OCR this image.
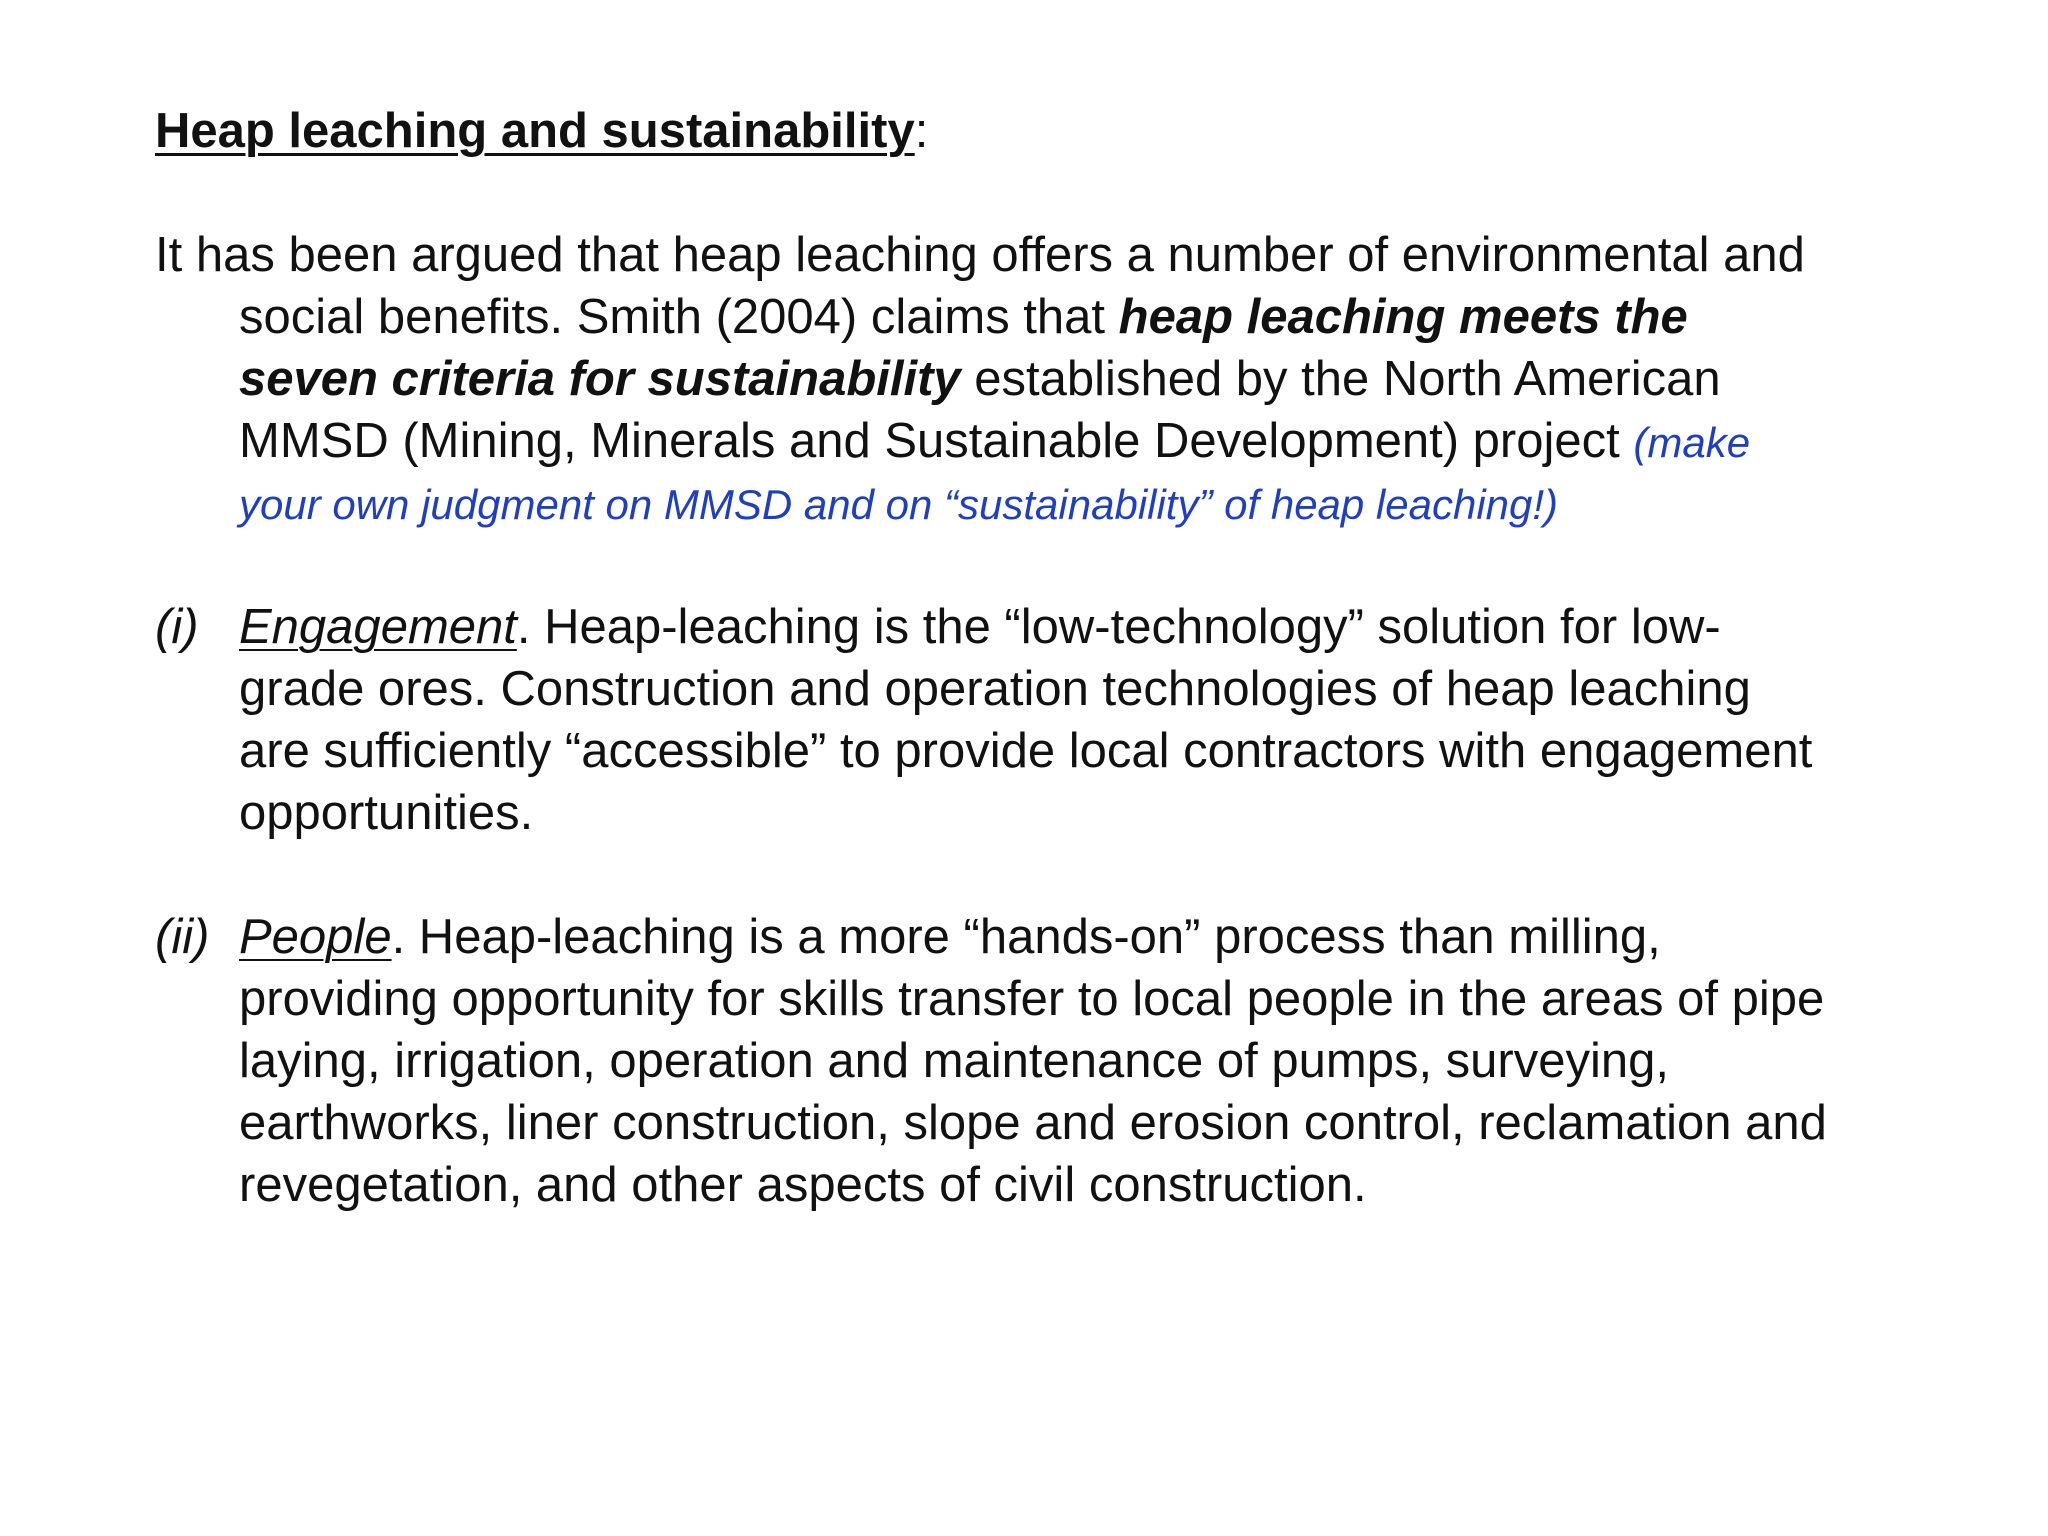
Heap leaching and sustainability:

It has been argued that heap leaching offers a number of environmental and social benefits. Smith (2004) claims that heap leaching meets the seven criteria for sustainability established by the North American MMSD (Mining, Minerals and Sustainable Development) project (make your own judgment on MMSD and on “sustainability” of heap leaching!)

(i) Engagement. Heap-leaching is the “low-technology” solution for low-grade ores. Construction and operation technologies of heap leaching are sufficiently “accessible” to provide local contractors with engagement opportunities.

(ii) People. Heap-leaching is a more “hands-on” process than milling, providing opportunity for skills transfer to local people in the areas of pipe laying, irrigation, operation and maintenance of pumps, surveying, earthworks, liner construction, slope and erosion control, reclamation and revegetation, and other aspects of civil construction.
